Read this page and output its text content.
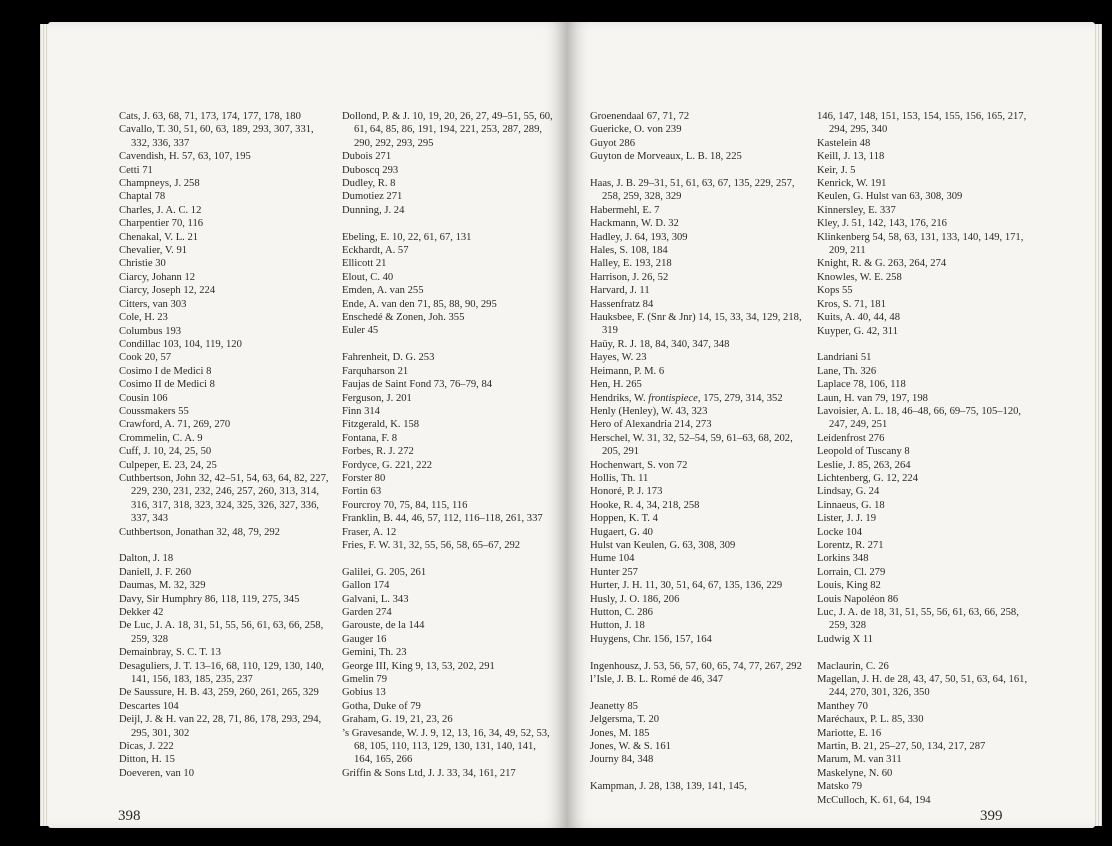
Cats, J. 63, 68, 71, 173, 174, 177, 178, 180
Cavallo, T. 30, 51, 60, 63, 189, 293, 307, 331, 332, 336, 337
Cavendish, H. 57, 63, 107, 195
Cetti 71
Champneys, J. 258
Chaptal 78
Charles, J. A. C. 12
Charpentier 70, 116
Chenakal, V. L. 21
Chevalier, V. 91
Christie 30
Ciarcy, Johann 12
Ciarcy, Joseph 12, 224
Citters, van 303
Cole, H. 23
Columbus 193
Condillac 103, 104, 119, 120
Cook 20, 57
Cosimo I de Medici 8
Cosimo II de Medici 8
Cousin 106
Coussmakers 55
Crawford, A. 71, 269, 270
Crommelin, C. A. 9
Cuff, J. 10, 24, 25, 50
Culpeper, E. 23, 24, 25
Cuthbertson, John 32, 42–51, 54, 63, 64, 82, 227, 229, 230, 231, 232, 246, 257, 260, 313, 314, 316, 317, 318, 323, 324, 325, 326, 327, 336, 337, 343
Cuthbertson, Jonathan 32, 48, 79, 292
Dalton, J. 18
Daniell, J. F. 260
Daumas, M. 32, 329
Davy, Sir Humphry 86, 118, 119, 275, 345
Dekker 42
De Luc, J. A. 18, 31, 51, 55, 56, 61, 63, 66, 258, 259, 328
Demainbray, S. C. T. 13
Desaguliers, J. T. 13–16, 68, 110, 129, 130, 140, 141, 156, 183, 185, 235, 237
De Saussure, H. B. 43, 259, 260, 261, 265, 329
Descartes 104
Deijl, J. & H. van 22, 28, 71, 86, 178, 293, 294, 295, 301, 302
Dicas, J. 222
Ditton, H. 15
Doeveren, van 10
Dollond, P. & J. 10, 19, 20, 26, 27, 49–51, 55, 60, 61, 64, 85, 86, 191, 194, 221, 253, 287, 289, 290, 292, 293, 295
Dubois 271
Duboscq 293
Dudley, R. 8
Dumotiez 271
Dunning, J. 24
Ebeling, E. 10, 22, 61, 67, 131
Eckhardt, A. 57
Ellicott 21
Elout, C. 40
Emden, A. van 255
Ende, A. van den 71, 85, 88, 90, 295
Enschedé & Zonen, Joh. 355
Euler 45
Fahrenheit, D. G. 253
Farquharson 21
Faujas de Saint Fond 73, 76–79, 84
Ferguson, J. 201
Finn 314
Fitzgerald, K. 158
Fontana, F. 8
Forbes, R. J. 272
Fordyce, G. 221, 222
Forster 80
Fortin 63
Fourcroy 70, 75, 84, 115, 116
Franklin, B. 44, 46, 57, 112, 116–118, 261, 337
Fraser, A. 12
Fries, F. W. 31, 32, 55, 56, 58, 65–67, 292
Galilei, G. 205, 261
Gallon 174
Galvani, L. 343
Garden 274
Garouste, de la 144
Gauger 16
Gemini, Th. 23
George III, King 9, 13, 53, 202, 291
Gmelin 79
Gobius 13
Gotha, Duke of 79
Graham, G. 19, 21, 23, 26
’s Gravesande, W. J. 9, 12, 13, 16, 34, 49, 52, 53, 68, 105, 110, 113, 129, 130, 131, 140, 141, 164, 165, 266
Griffin & Sons Ltd, J. J. 33, 34, 161, 217
398
Groenendaal 67, 71, 72
Guericke, O. von 239
Guyot 286
Guyton de Morveaux, L. B. 18, 225
Haas, J. B. 29–31, 51, 61, 63, 67, 135, 229, 257, 258, 259, 328, 329
Habermehl, E. 7
Hackmann, W. D. 32
Hadley, J. 64, 193, 309
Hales, S. 108, 184
Halley, E. 193, 218
Harrison, J. 26, 52
Harvard, J. 11
Hassenfratz 84
Hauksbee, F. (Snr & Jnr) 14, 15, 33, 34, 129, 218, 319
Haüy, R. J. 18, 84, 340, 347, 348
Hayes, W. 23
Heimann, P. M. 6
Hen, H. 265
Hendriks, W. frontispiece, 175, 279, 314, 352
Henly (Henley), W. 43, 323
Hero of Alexandria 214, 273
Herschel, W. 31, 32, 52–54, 59, 61–63, 68, 202, 205, 291
Hochenwart, S. von 72
Hollis, Th. 11
Honoré, P. J. 173
Hooke, R. 4, 34, 218, 258
Hoppen, K. T. 4
Hugaert, G. 40
Hulst van Keulen, G. 63, 308, 309
Hume 104
Hunter 257
Hurter, J. H. 11, 30, 51, 64, 67, 135, 136, 229
Husly, J. O. 186, 206
Hutton, C. 286
Hutton, J. 18
Huygens, Chr. 156, 157, 164
Ingenhousz, J. 53, 56, 57, 60, 65, 74, 77, 267, 292
l’Isle, J. B. L. Romé de 46, 347
Jeanetty 85
Jelgersma, T. 20
Jones, M. 185
Jones, W. & S. 161
Journy 84, 348
Kampman, J. 28, 138, 139, 141, 145,
146, 147, 148, 151, 153, 154, 155, 156, 165, 217, 294, 295, 340
Kastelein 48
Keill, J. 13, 118
Keir, J. 5
Kenrick, W. 191
Keulen, G. Hulst van 63, 308, 309
Kinnersley, E. 337
Kley, J. 51, 142, 143, 176, 216
Klinkenberg 54, 58, 63, 131, 133, 140, 149, 171, 209, 211
Knight, R. & G. 263, 264, 274
Knowles, W. E. 258
Kops 55
Kros, S. 71, 181
Kuits, A. 40, 44, 48
Kuyper, G. 42, 311
Landriani 51
Lane, Th. 326
Laplace 78, 106, 118
Laun, H. van 79, 197, 198
Lavoisier, A. L. 18, 46–48, 66, 69–75, 105–120, 247, 249, 251
Leidenfrost 276
Leopold of Tuscany 8
Leslie, J. 85, 263, 264
Lichtenberg, G. 12, 224
Lindsay, G. 24
Linnaeus, G. 18
Lister, J. J. 19
Locke 104
Lorentz, R. 271
Lorkins 348
Lorrain, Cl. 279
Louis, King 82
Louis Napoléon 86
Luc, J. A. de 18, 31, 51, 55, 56, 61, 63, 66, 258, 259, 328
Ludwig X 11
Maclaurin, C. 26
Magellan, J. H. de 28, 43, 47, 50, 51, 63, 64, 161, 244, 270, 301, 326, 350
Manthey 70
Maréchaux, P. L. 85, 330
Mariotte, E. 16
Martin, B. 21, 25–27, 50, 134, 217, 287
Marum, M. van 311
Maskelyne, N. 60
Matsko 79
McCulloch, K. 61, 64, 194
399
